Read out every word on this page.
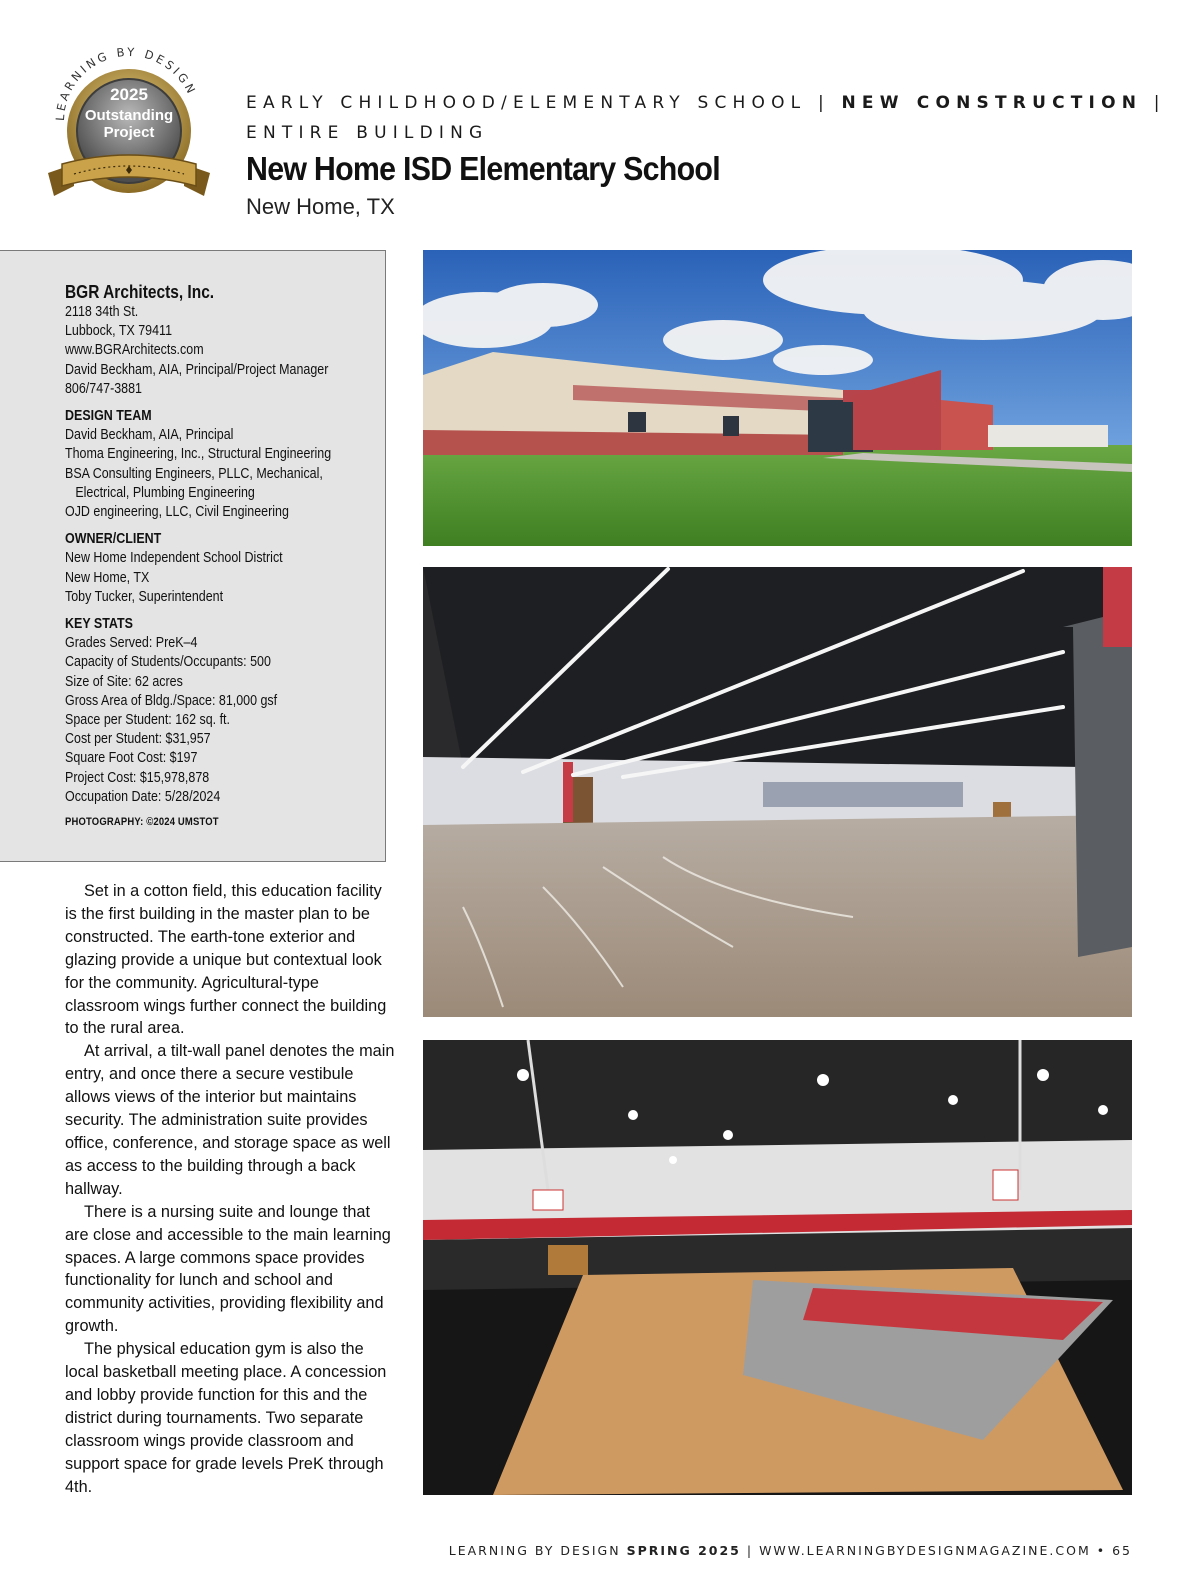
LEARNING BY DESIGN
2025
Outstanding
Project
EARLY CHILDHOOD/ELEMENTARY SCHOOL | NEW CONSTRUCTION |
ENTIRE BUILDING
New Home ISD Elementary School
New Home, TX
BGR Architects, Inc.
2118 34th St.
Lubbock, TX 79411
www.BGRArchitects.com
David Beckham, AIA, Principal/Project Manager
806/747-3881
DESIGN TEAM
David Beckham, AIA, Principal
Thoma Engineering, Inc., Structural Engineering
BSA Consulting Engineers, PLLC, Mechanical,
Electrical, Plumbing Engineering
OJD engineering, LLC, Civil Engineering
OWNER/CLIENT
New Home Independent School District
New Home, TX
Toby Tucker, Superintendent
KEY STATS
Grades Served: PreK–4
Capacity of Students/Occupants: 500
Size of Site: 62 acres
Gross Area of Bldg./Space: 81,000 gsf
Space per Student: 162 sq. ft.
Cost per Student: $31,957
Square Foot Cost: $197
Project Cost: $15,978,878
Occupation Date: 5/28/2024
PHOTOGRAPHY: ©2024 UMSTOT

Set in a cotton field, this education facility is the first building in the master plan to be constructed. The earth-tone exterior and glazing provide a unique but contextual look for the community. Agricultural-type classroom wings further connect the building to the rural area.

At arrival, a tilt-wall panel denotes the main entry, and once there a secure vestibule allows views of the interior but maintains security. The administration suite provides office, conference, and storage space as well as access to the building through a back hallway.

There is a nursing suite and lounge that are close and accessible to the main learning spaces. A large commons space provides functionality for lunch and school and community activities, providing flexibility and growth.

The physical education gym is also the local basketball meeting place. A concession and lobby provide function for this and the district during tournaments. Two separate classroom wings provide classroom and support space for grade levels PreK through 4th.

LEARNING BY DESIGN SPRING 2025 | WWW.LEARNINGBYDESIGNMAGAZINE.COM • 65
